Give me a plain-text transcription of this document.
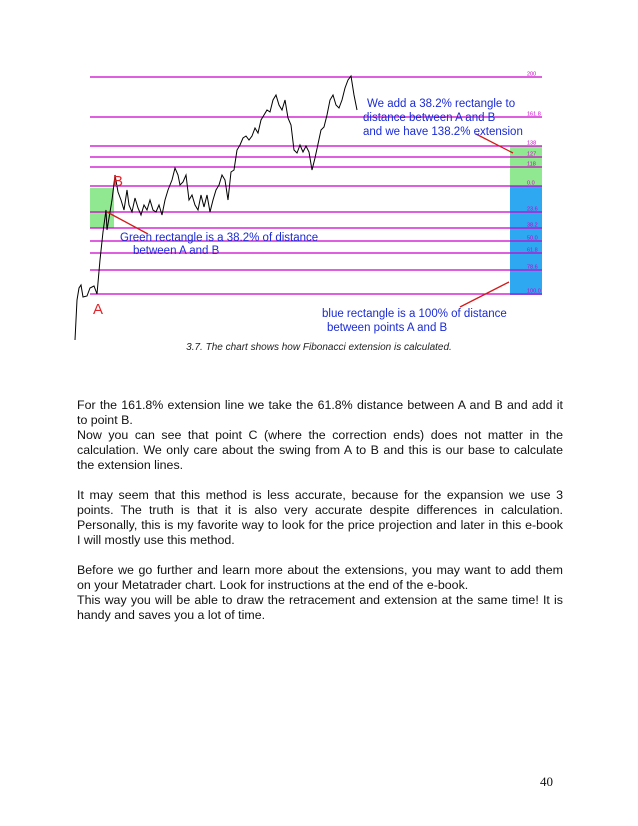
B
A
We add a 38.2% rectangle to
distance between A and B
and we have 138.2% extension
Green rectangle is a 38.2% of distance
between A and B
blue rectangle is a 100% of distance
between points A and B
200
161.8
138
127
118
0.0
23.6
38.2
50.0
61.8
78.6
100.0
3.7. The chart shows how Fibonacci extension is calculated.

For the 161.8% extension line we take the 61.8% distance between A and B and add it to point B.
Now you can see that point C (where the correction ends) does not matter in the calculation. We only care about the swing from A to B and this is our base to calculate the extension lines.

It may seem that this method is less accurate, because for the expansion we use 3 points. The truth is that it is also very accurate despite differences in calculation. Personally, this is my favorite way to look for the price projection and later in this e-book I will mostly use this method.

Before we go further and learn more about the extensions, you may want to add them on your Metatrader chart. Look for instructions at the end of the e-book.
This way you will be able to draw the retracement and extension at the same time! It is handy and saves you a lot of time.

40
